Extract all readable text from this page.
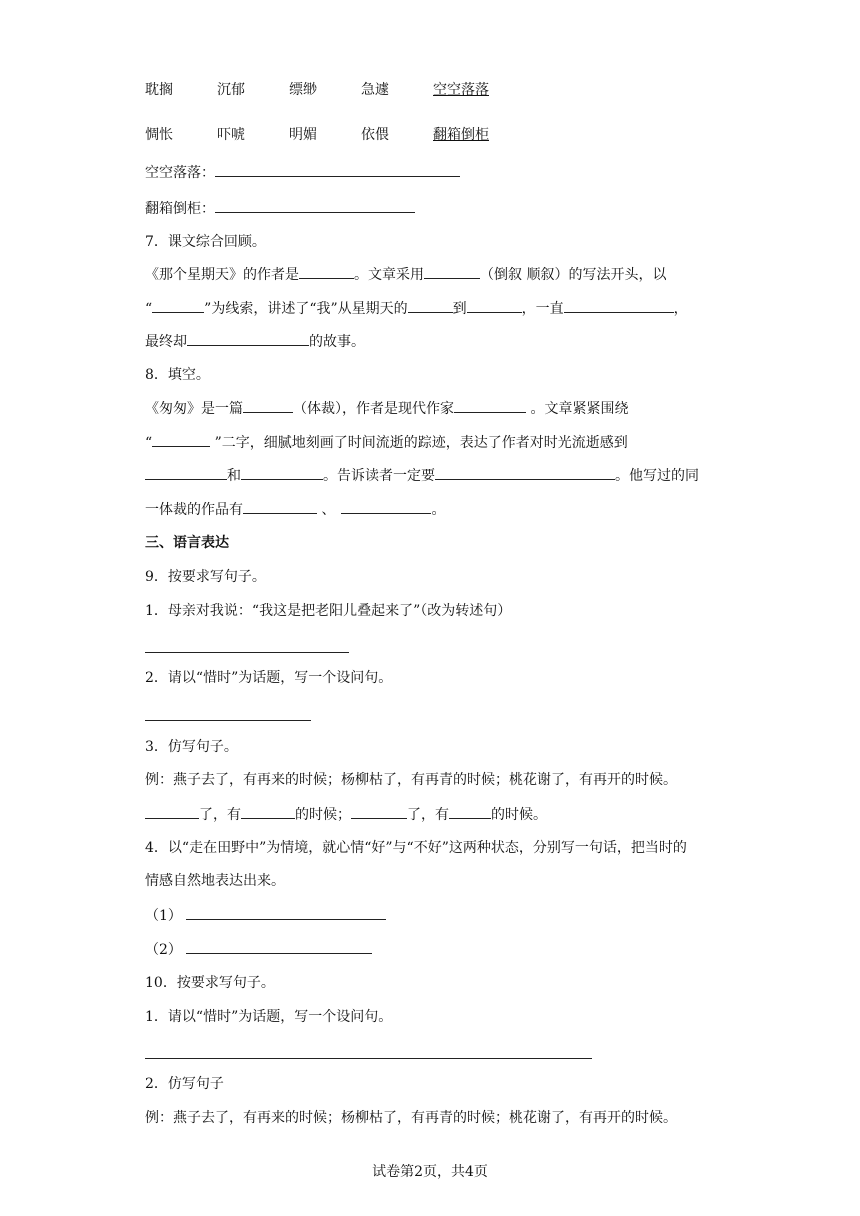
耽搁	沉郁	缥缈	急遽	空空落落
惆怅	吓唬	明媚	依偎	翻箱倒柜
空空落落：
翻箱倒柜：
7．课文综合回顾。
《那个星期天》的作者是	。文章采用	（倒叙 顺叙）的写法开头，以
“	”为线索，讲述了“我”从星期天的	到	，一直	，
最终却	的故事。
8．填空。
《匆匆》是一篇	（体裁），作者是现代作家	。文章紧紧围绕
“	”二字，细腻地刻画了时间流逝的踪迹，表达了作者对时光流逝感到
和	。告诉读者一定要	。他写过的同
一体裁的作品有	、	。
三、语言表达
9．按要求写句子。
1．母亲对我说：“我这是把老阳儿叠起来了”（改为转述句）
2．请以“惜时”为话题，写一个设问句。
3．仿写句子。
例：燕子去了，有再来的时候；杨柳枯了，有再青的时候；桃花谢了，有再开的时候。
了，有	的时候；	了，有	的时候。
4．以“走在田野中”为情境，就心情“好”与“不好”这两种状态，分别写一句话，把当时的
情感自然地表达出来。
（1）
（2）
10．按要求写句子。
1．请以“惜时”为话题，写一个设问句。
2．仿写句子
例：燕子去了，有再来的时候；杨柳枯了，有再青的时候；桃花谢了，有再开的时候。
试卷第2页，共4页
